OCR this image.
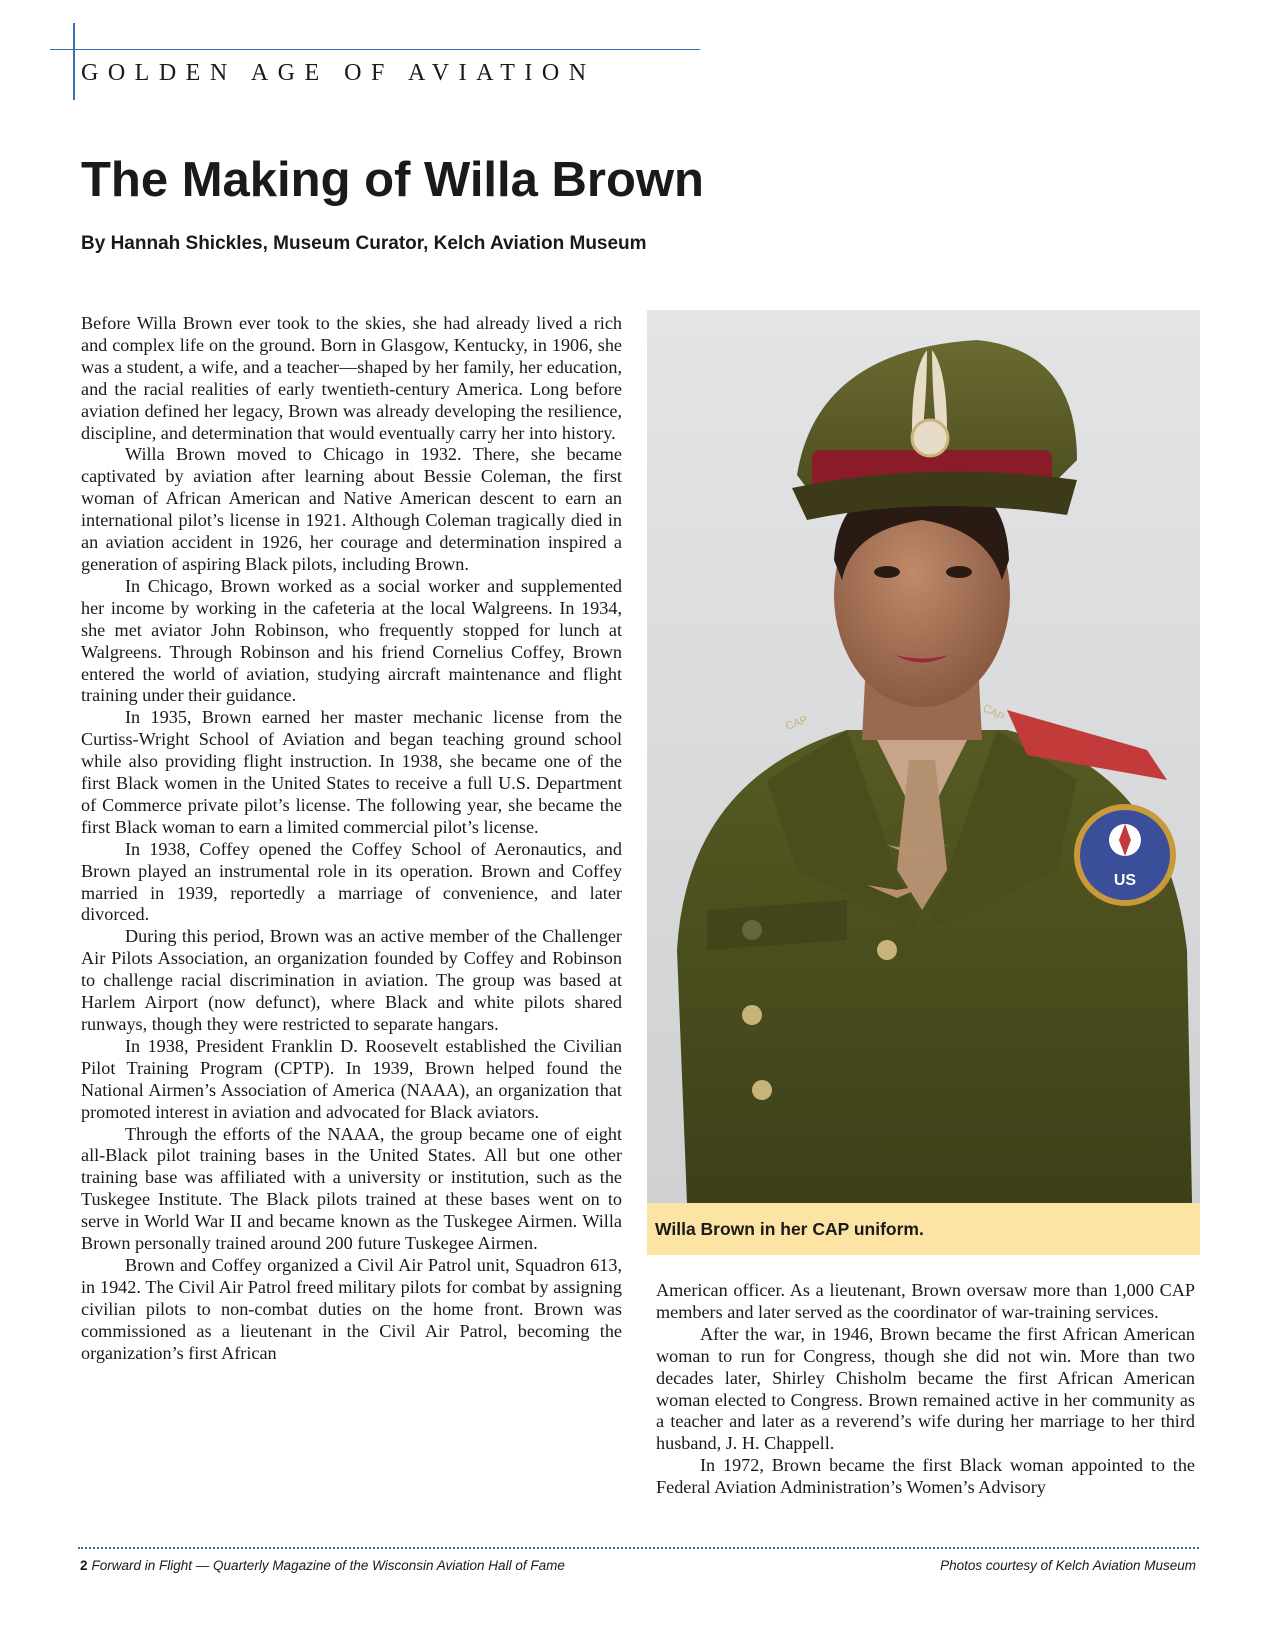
GOLDEN AGE OF AVIATION
The Making of Willa Brown
By Hannah Shickles, Museum Curator, Kelch Aviation Museum

Before Willa Brown ever took to the skies, she had already lived a rich and complex life on the ground. Born in Glasgow, Kentucky, in 1906, she was a student, a wife, and a teacher—shaped by her family, her education, and the racial realities of early twentieth-century America. Long before aviation defined her legacy, Brown was already developing the resilience, discipline, and determination that would eventually carry her into history.

Willa Brown moved to Chicago in 1932. There, she became captivated by aviation after learning about Bessie Coleman, the first woman of African American and Native American descent to earn an international pilot’s license in 1921. Although Coleman tragically died in an aviation accident in 1926, her courage and determination inspired a generation of aspiring Black pilots, including Brown.

In Chicago, Brown worked as a social worker and supplemented her income by working in the cafeteria at the local Walgreens. In 1934, she met aviator John Robinson, who frequently stopped for lunch at Walgreens. Through Robinson and his friend Cornelius Coffey, Brown entered the world of aviation, studying aircraft maintenance and flight training under their guidance.

In 1935, Brown earned her master mechanic license from the Curtiss-Wright School of Aviation and began teaching ground school while also providing flight instruction. In 1938, she became one of the first Black women in the United States to receive a full U.S. Department of Commerce private pilot’s license. The following year, she became the first Black woman to earn a limited commercial pilot’s license.

In 1938, Coffey opened the Coffey School of Aeronautics, and Brown played an instrumental role in its operation. Brown and Coffey married in 1939, reportedly a marriage of convenience, and later divorced.

During this period, Brown was an active member of the Challenger Air Pilots Association, an organization founded by Coffey and Robinson to challenge racial discrimination in aviation. The group was based at Harlem Airport (now defunct), where Black and white pilots shared runways, though they were restricted to separate hangars.

In 1938, President Franklin D. Roosevelt established the Civilian Pilot Training Program (CPTP). In 1939, Brown helped found the National Airmen’s Association of America (NAAA), an organization that promoted interest in aviation and advocated for Black aviators.

Through the efforts of the NAAA, the group became one of eight all-Black pilot training bases in the United States. All but one other training base was affiliated with a university or institution, such as the Tuskegee Institute. The Black pilots trained at these bases went on to serve in World War II and became known as the Tuskegee Airmen. Willa Brown personally trained around 200 future Tuskegee Airmen.

Brown and Coffey organized a Civil Air Patrol unit, Squadron 613, in 1942. The Civil Air Patrol freed military pilots for combat by assigning civilian pilots to non-combat duties on the home front. Brown was commissioned as a lieutenant in the Civil Air Patrol, becoming the organization’s first African

US
CAP	CAP
Willa Brown in her CAP uniform.

American officer. As a lieutenant, Brown oversaw more than 1,000 CAP members and later served as the coordinator of war-training services.

After the war, in 1946, Brown became the first African American woman to run for Congress, though she did not win. More than two decades later, Shirley Chisholm became the first African American woman elected to Congress. Brown remained active in her community as a teacher and later as a reverend’s wife during her marriage to her third husband, J. H. Chappell.

In 1972, Brown became the first Black woman appointed to the Federal Aviation Administration’s Women’s Advisory

2 Forward in Flight — Quarterly Magazine of the Wisconsin Aviation Hall of Fame	Photos courtesy of Kelch Aviation Museum
